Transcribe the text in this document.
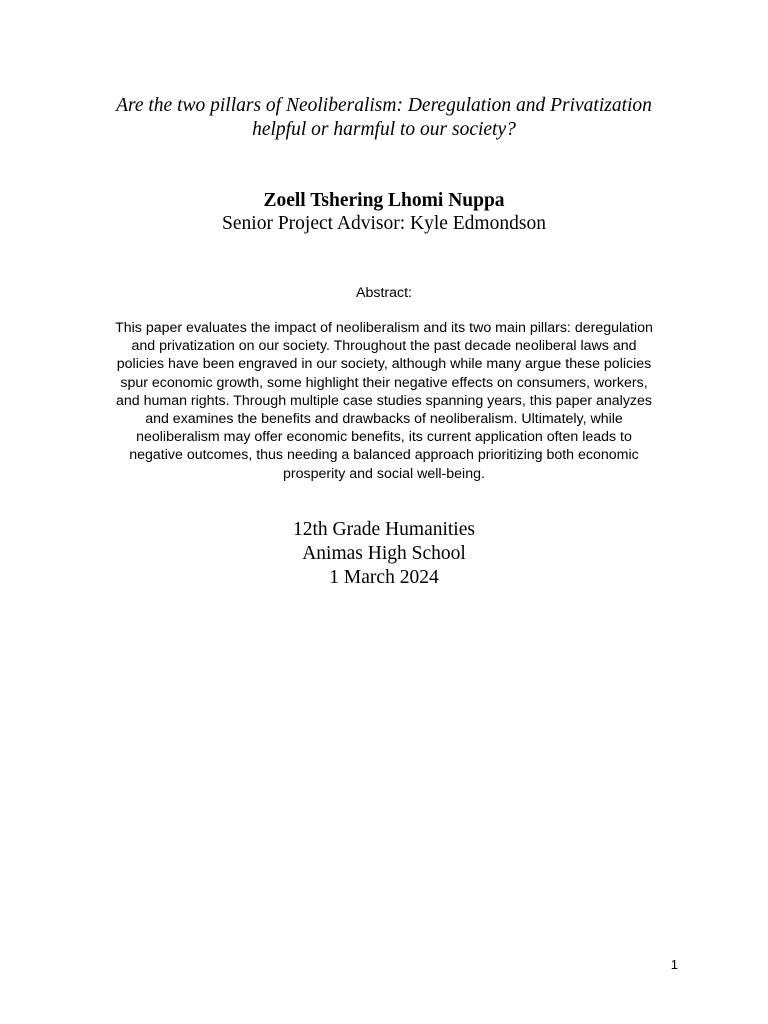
Are the two pillars of Neoliberalism: Deregulation and Privatization
helpful or harmful to our society?
Zoell Tshering Lhomi Nuppa
Senior Project Advisor: Kyle Edmondson
Abstract:
This paper evaluates the impact of neoliberalism and its two main pillars: deregulation
and privatization on our society. Throughout the past decade neoliberal laws and
policies have been engraved in our society, although while many argue these policies
spur economic growth, some highlight their negative effects on consumers, workers,
and human rights. Through multiple case studies spanning years, this paper analyzes
and examines the benefits and drawbacks of neoliberalism. Ultimately, while
neoliberalism may offer economic benefits, its current application often leads to
negative outcomes, thus needing a balanced approach prioritizing both economic
prosperity and social well-being.
12th Grade Humanities
Animas High School
1 March 2024
1
